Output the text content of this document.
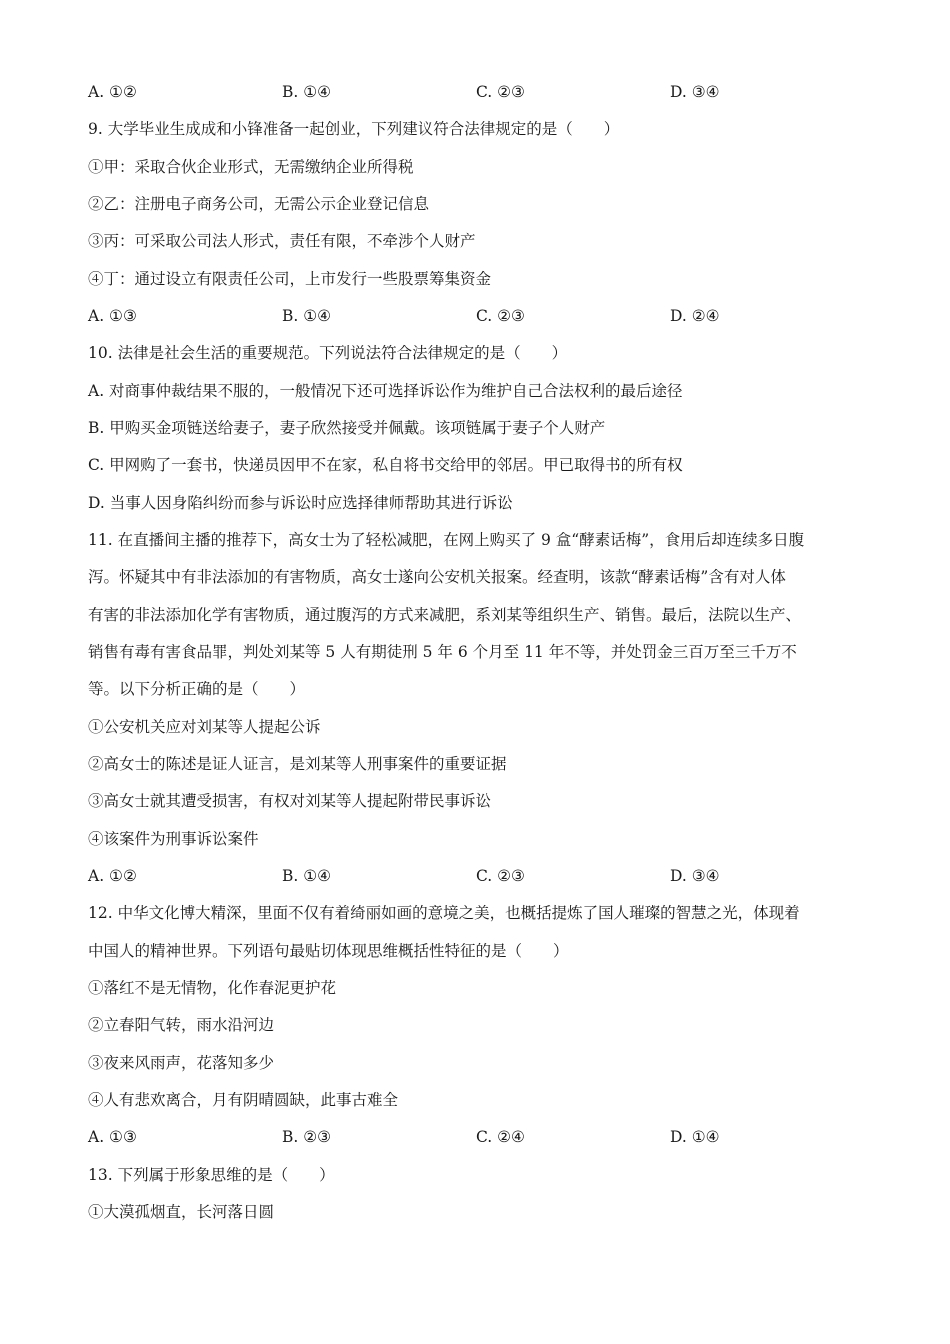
A. ①②	B. ①④	C. ②③	D. ③④
9. 大学毕业生成成和小锋准备一起创业，下列建议符合法律规定的是（　　）
①甲：采取合伙企业形式，无需缴纳企业所得税
②乙：注册电子商务公司，无需公示企业登记信息
③丙：可采取公司法人形式，责任有限，不牵涉个人财产
④丁：通过设立有限责任公司，上市发行一些股票筹集资金
A. ①③	B. ①④	C. ②③	D. ②④
10. 法律是社会生活的重要规范。下列说法符合法律规定的是（　　）
A. 对商事仲裁结果不服的，一般情况下还可选择诉讼作为维护自己合法权利的最后途径
B. 甲购买金项链送给妻子，妻子欣然接受并佩戴。该项链属于妻子个人财产
C. 甲网购了一套书，快递员因甲不在家，私自将书交给甲的邻居。甲已取得书的所有权
D. 当事人因身陷纠纷而参与诉讼时应选择律师帮助其进行诉讼
11. 在直播间主播的推荐下，高女士为了轻松减肥，在网上购买了 9 盒“酵素话梅”，食用后却连续多日腹
泻。怀疑其中有非法添加的有害物质，高女士遂向公安机关报案。经查明，该款“酵素话梅”含有对人体
有害的非法添加化学有害物质，通过腹泻的方式来减肥，系刘某等组织生产、销售。最后，法院以生产、
销售有毒有害食品罪，判处刘某等 5 人有期徒刑 5 年 6 个月至 11 年不等，并处罚金三百万至三千万不
等。以下分析正确的是（　　）
①公安机关应对刘某等人提起公诉
②高女士的陈述是证人证言，是刘某等人刑事案件的重要证据
③高女士就其遭受损害，有权对刘某等人提起附带民事诉讼
④该案件为刑事诉讼案件
A. ①②	B. ①④	C. ②③	D. ③④
12. 中华文化博大精深，里面不仅有着绮丽如画的意境之美，也概括提炼了国人璀璨的智慧之光，体现着
中国人的精神世界。下列语句最贴切体现思维概括性特征的是（　　）
①落红不是无情物，化作春泥更护花
②立春阳气转，雨水沿河边
③夜来风雨声，花落知多少
④人有悲欢离合，月有阴晴圆缺，此事古难全
A. ①③	B. ②③	C. ②④	D. ①④
13. 下列属于形象思维的是（　　）
①大漠孤烟直，长河落日圆
